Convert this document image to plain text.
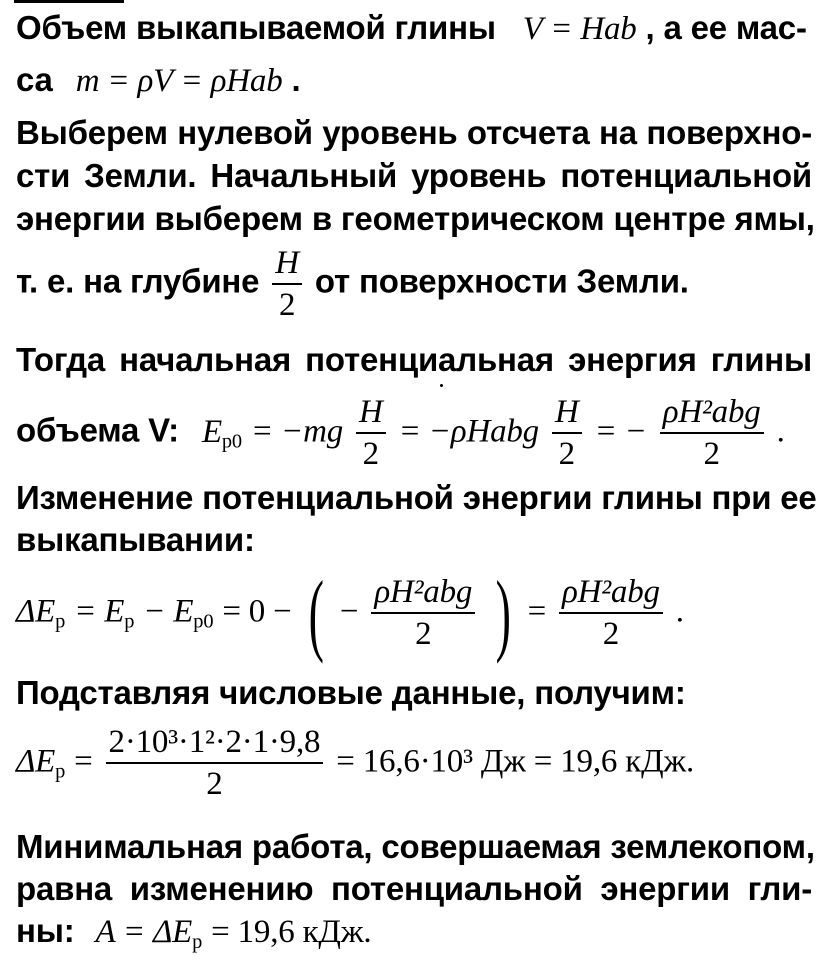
Объем выкапываемой глины V = Hab , а ее мас-
са m = ρV = ρHab .
Выберем нулевой уровень отсчета на поверхно-
сти Земли. Начальный уровень потенциальной
энергии выберем в геометрическом центре ямы,
т. е. на глубине $\frac{H}{2}$ от поверхности Земли.
Тогда начальная потенциальная энергия глины
объема V: $E_{р0} = -mg \frac{H}{2}$ = −ρHabg $\frac{H}{2}$ = −
ρH²abg
2
.
Изменение потенциальной энергии глины при ее
выкапывании:
$\Delta E_р = E_р - E_{р0} = 0$ − ( −
ρH²abg
2 ) =
ρH²abg
2
.
Подставляя числовые данные, получим:
$\Delta E_р = \frac{\text{2·10³·1²·2·1·9,8}}{2} = 16,6\cdot 10^3$ Дж = 19,6 кДж.
Минимальная работа, совершаемая землекопом,
равна изменению потенциальной энергии гли-
ны: $A = \Delta E_р = 19,6$ кДж.
